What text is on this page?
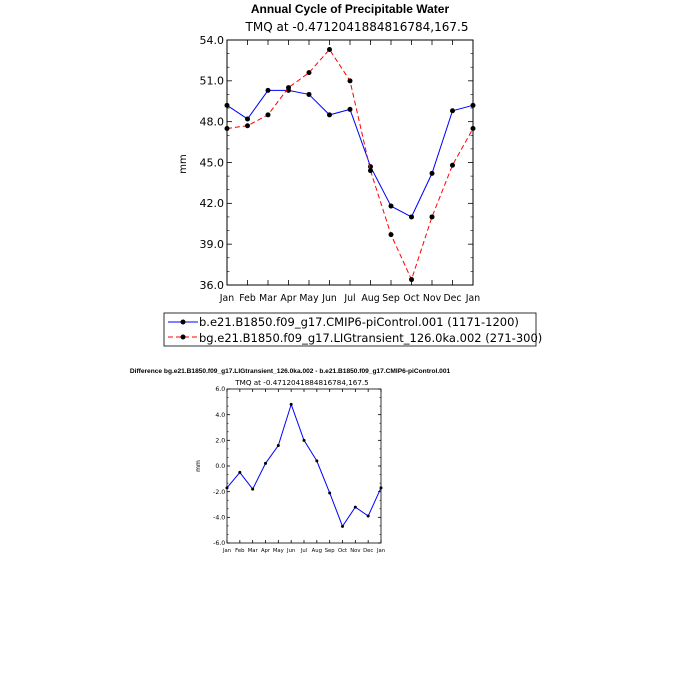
Annual Cycle of Precipitable Water
TMQ at -0.4712041884816784,167.5
mm
54.0
51.0
48.0
45.0
42.0
39.0
36.0
Jan Feb Mar Apr May Jun Jul Aug Sep Oct Nov Dec Jan
b.e21.B1850.f09_g17.CMIP6-piControl.001 (1171-1200)
bg.e21.B1850.f09_g17.LIGtransient_126.0ka.002 (271-300)
Difference bg.e21.B1850.f09_g17.LIGtransient_126.0ka.002 - b.e21.B1850.f09_g17.CMIP6-piControl.001
TMQ at -0.4712041884816784,167.5
mm
6.0
4.0
2.0
0.0
-2.0
-4.0
-6.0
Jan Feb Mar Apr May Jun Jul Aug Sep Oct Nov Dec Jan
